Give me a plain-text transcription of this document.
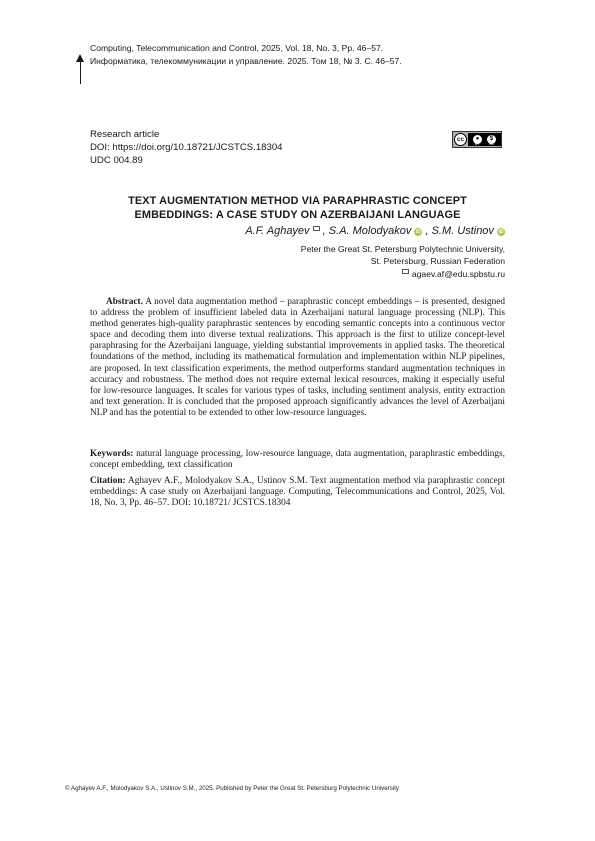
Computing, Telecommunication and Control, 2025, Vol. 18, No. 3, Pp. 46–57.
Информатика, телекоммуникации и управление. 2025. Том 18, № 3. С. 46–57.
Research article
DOI: https://doi.org/10.18721/JCSTCS.18304
UDC 004.89
cc	●	$
BY	NC
TEXT AUGMENTATION METHOD VIA PARAPHRASTIC CONCEPT
EMBEDDINGS: A CASE STUDY ON AZERBAIJANI LANGUAGE
A.F. Aghayev  , S.A. Molodyakov iD , S.M. Ustinov iD
Peter the Great St. Petersburg Polytechnic University,
St. Petersburg, Russian Federation
agaev.af@edu.spbstu.ru
Abstract. A novel data augmentation method – paraphrastic concept embeddings – is presented, designed to address the problem of insufficient labeled data in Azerbaijani natural language processing (NLP). This method generates high-quality paraphrastic sentences by encoding semantic concepts into a continuous vector space and decoding them into diverse textual realizations. This approach is the first to utilize concept-level paraphrasing for the Azerbaijani language, yielding substantial improvements in applied tasks. The theoretical foundations of the method, including its mathematical formulation and implementation within NLP pipelines, are proposed. In text classification experiments, the method outperforms standard augmentation techniques in accuracy and robustness. The method does not require external lexical resources, making it especially useful for low-resource languages. It scales for various types of tasks, including sentiment analysis, entity extraction and text generation. It is concluded that the proposed approach significantly advances the level of Azerbaijani NLP and has the potential to be extended to other low-resource languages.
Keywords: natural language processing, low-resource language, data augmentation, paraphrastic embeddings, concept embedding, text classification
Citation: Aghayev A.F., Molodyakov S.A., Ustinov S.M. Text augmentation method via paraphrastic concept embeddings: A case study on Azerbaijani language. Computing, Telecommunications and Control, 2025, Vol. 18, No. 3, Pp. 46–57. DOI: 10.18721/ JCSTCS.18304
© Aghayev A.F., Molodyakov S.A., Ustinov S.M., 2025. Published by Peter the Great St. Petersburg Polytechnic University
